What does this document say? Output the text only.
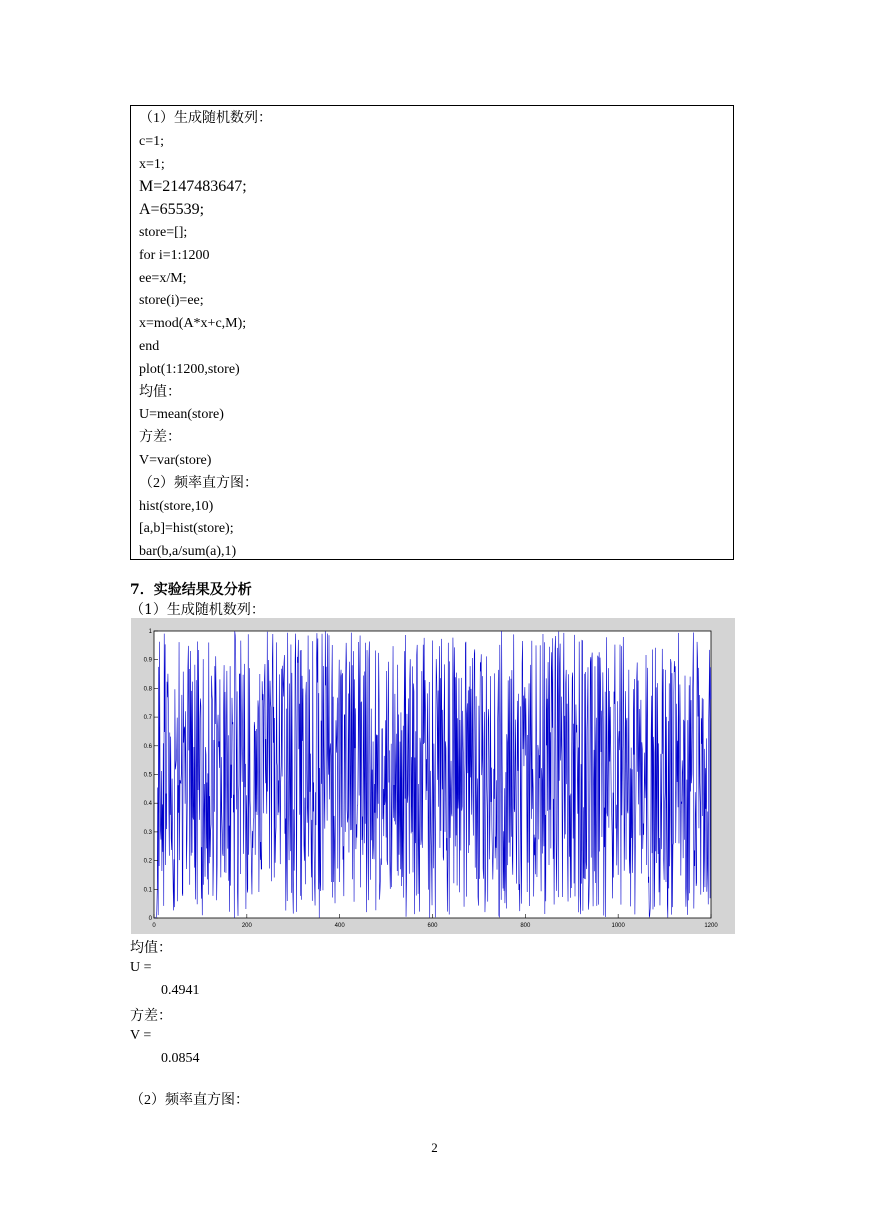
（1）生成随机数列：
c=1;
x=1;
M=2147483647;
A=65539;
store=[];
for i=1:1200
ee=x/M;
store(i)=ee;
x=mod(A*x+c,M);
end
plot(1:1200,store)
均值：
U=mean(store)
方差：
V=var(store)
（2）频率直方图：
hist(store,10)
[a,b]=hist(store);
bar(b,a/sum(a),1)
7．实验结果及分析
（1）生成随机数列：
0	200	400	600	800	1000	1200
0
0.1
0.2
0.3
0.4
0.5
0.6
0.7
0.8
0.9
1
均值：
U =
0.4941
方差：
V =
0.0854
（2）频率直方图：
2
